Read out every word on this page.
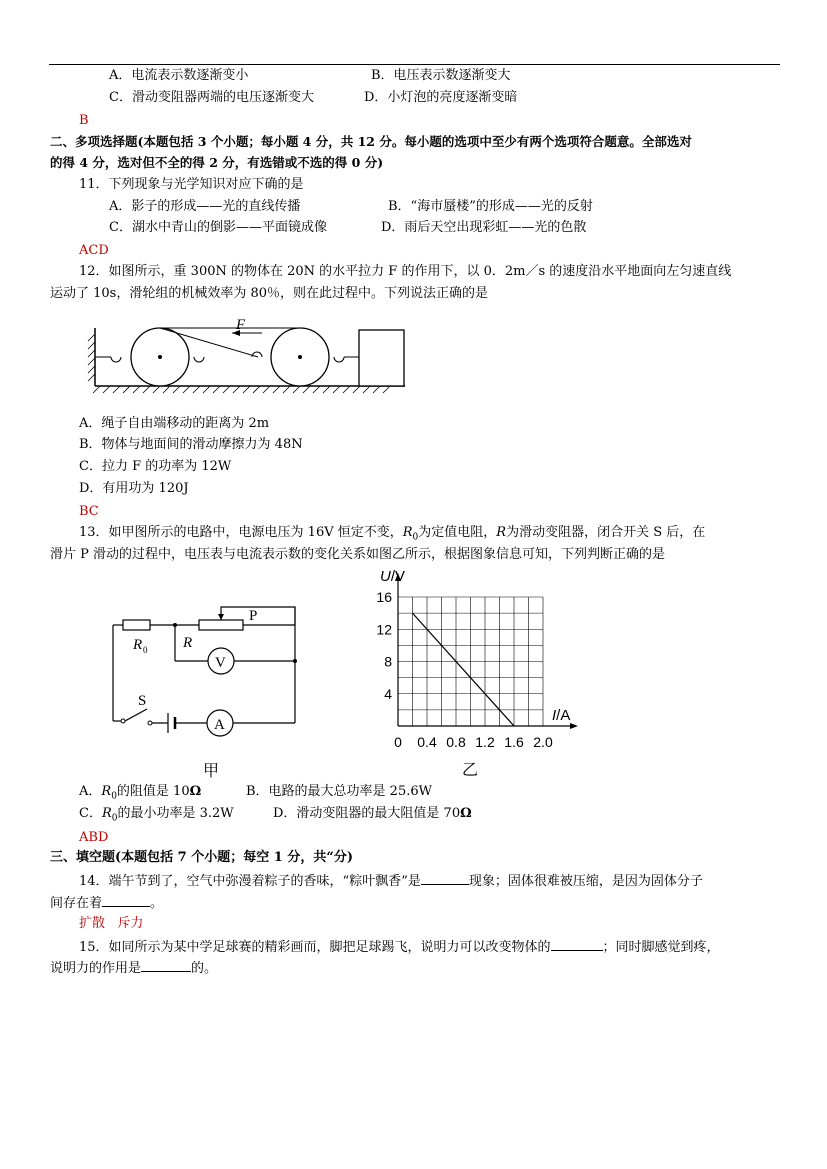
A．电流表示数逐渐变小	B．电压表示数逐渐变大
C．滑动变阻器两端的电压逐渐变大	D．小灯泡的亮度逐渐变暗
B
二、多项选择题(本题包括 3 个小题；每小题 4 分，共 12 分。每小题的选项中至少有两个选项符合题意。全部选对
的得 4 分，选对但不全的得 2 分，有选错或不选的得 0 分)
11．下列现象与光学知识对应下确的是
A．影子的形成——光的直线传播	B．“海市蜃楼”的形成——光的反射
C．湖水中青山的倒影——平面镜成像	D．雨后天空出现彩虹——光的色散
ACD
12．如图所示，重 300N 的物体在 20N 的水平拉力 F 的作用下，以 0．2m／s 的速度沿水平地面向左匀速直线
运动了 10s，滑轮组的机械效率为 80％，则在此过程中。下列说法正确的是
F
A．绳子自由端移动的距离为 2m
B．物体与地面间的滑动摩擦力为 48N
C．拉力 F 的功率为 12W
D．有用功为 120J
BC
13．如甲图所示的电路中，电源电压为 16V 恒定不变，$R_0$为定值电阻，R为滑动变阻器，闭合开关 S 后，在
滑片 P 滑动的过程中，电压表与电流表示数的变化关系如图乙所示，根据图象信息可知，下列判断正确的是
P
R 0 R
V
A
S
甲
0 0.4 0.8 1.2 1.6 2.0
4
8
12
16
U/V
I/A
乙
A．$R_0$的阻值是 10Ω	B．电路的最大总功率是 25.6W
C．$R_0$的最小功率是 3.2W	D．滑动变阻器的最大阻值是 70Ω
ABD
三、填空题(本题包括 7 个小题；每空 1 分，共“分)
14．端午节到了，空气中弥漫着粽子的香味，“粽叶飘香”是	现象；固体很难被压缩，是因为固体分子
间存在着	。
扩散   斥力
15．如同所示为某中学足球赛的精彩画而，脚把足球踢飞，说明力可以改变物体的	；同时脚感觉到疼，
说明力的作用是	的。
